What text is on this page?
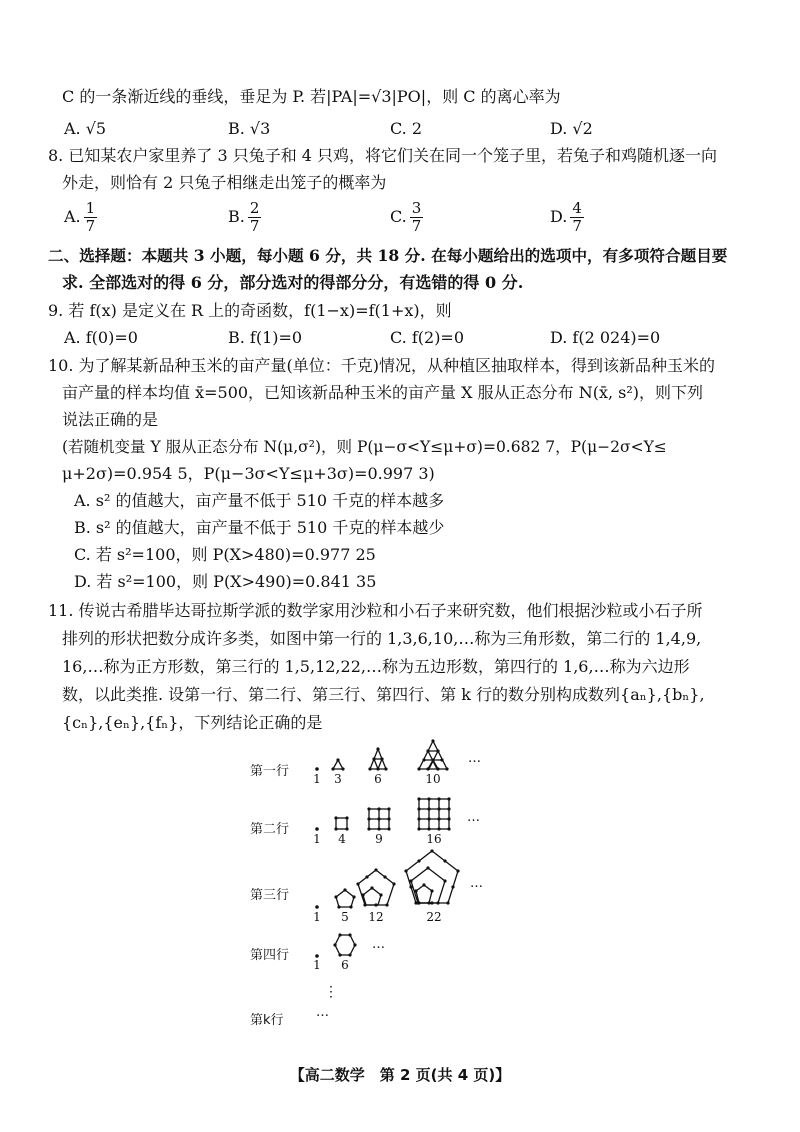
C 的一条渐近线的垂线，垂足为 P. 若|PA|=√3|PO|，则 C 的离心率为
A. √5	B. √3	C. 2	D. √2
8. 已知某农户家里养了 3 只兔子和 4 只鸡，将它们关在同一个笼子里，若兔子和鸡随机逐一向
外走，则恰有 2 只兔子相继走出笼子的概率为
A. $\frac{1}{7}$	B. $\frac{2}{7}$	C. $\frac{3}{7}$	D. $\frac{4}{7}$
二、选择题：本题共 3 小题，每小题 6 分，共 18 分. 在每小题给出的选项中，有多项符合题目要
求. 全部选对的得 6 分，部分选对的得部分分，有选错的得 0 分.
9. 若 f(x) 是定义在 R 上的奇函数，f(1−x)=f(1+x)，则
A. f(0)=0	B. f(1)=0	C. f(2)=0	D. f(2 024)=0
10. 为了解某新品种玉米的亩产量(单位：千克)情况，从种植区抽取样本，得到该新品种玉米的
亩产量的样本均值 x̄=500，已知该新品种玉米的亩产量 X 服从正态分布 N(x̄, s²)，则下列
说法正确的是
(若随机变量 Y 服从正态分布 N(μ,σ²)，则 P(μ−σ<Y≤μ+σ)=0.682 7，P(μ−2σ<Y≤
μ+2σ)=0.954 5，P(μ−3σ<Y≤μ+3σ)=0.997 3)
A. s² 的值越大，亩产量不低于 510 千克的样本越多
B. s² 的值越大，亩产量不低于 510 千克的样本越少
C. 若 s²=100，则 P(X>480)=0.977 25
D. 若 s²=100，则 P(X>490)=0.841 35
11. 传说古希腊毕达哥拉斯学派的数学家用沙粒和小石子来研究数，他们根据沙粒或小石子所
排列的形状把数分成许多类，如图中第一行的 1,3,6,10,…称为三角形数，第二行的 1,4,9,
16,…称为正方形数，第三行的 1,5,12,22,…称为五边形数，第四行的 1,6,…称为六边形
数，以此类推. 设第一行、第二行、第三行、第四行、第 k 行的数分别构成数列{aₙ},{bₙ},
{cₙ},{eₙ},{fₙ}，下列结论正确的是
第一行
第二行
第三行
第四行
第k行
1	3	6	10
…
1	4	9	16
…
1	5	12	22
…
1	6
…
⋮
…
【高二数学　第 2 页(共 4 页)】
